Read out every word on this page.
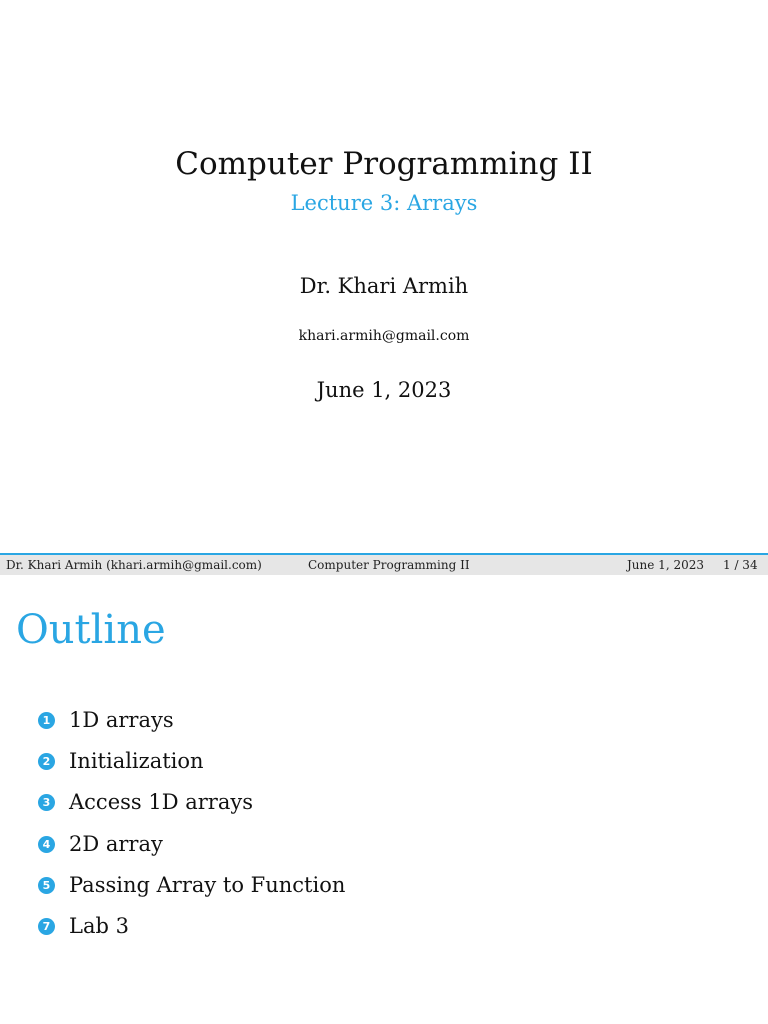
Computer Programming II
Lecture 3: Arrays
Dr. Khari Armih
khari.armih@gmail.com
June 1, 2023
Dr. Khari Armih (khari.armih@gmail.com)	Computer Programming II	June 1, 2023 1 / 34
Outline
1 1D arrays
2 Initialization
3 Access 1D arrays
4 2D array
5 Passing Array to Function
7 Lab 3
